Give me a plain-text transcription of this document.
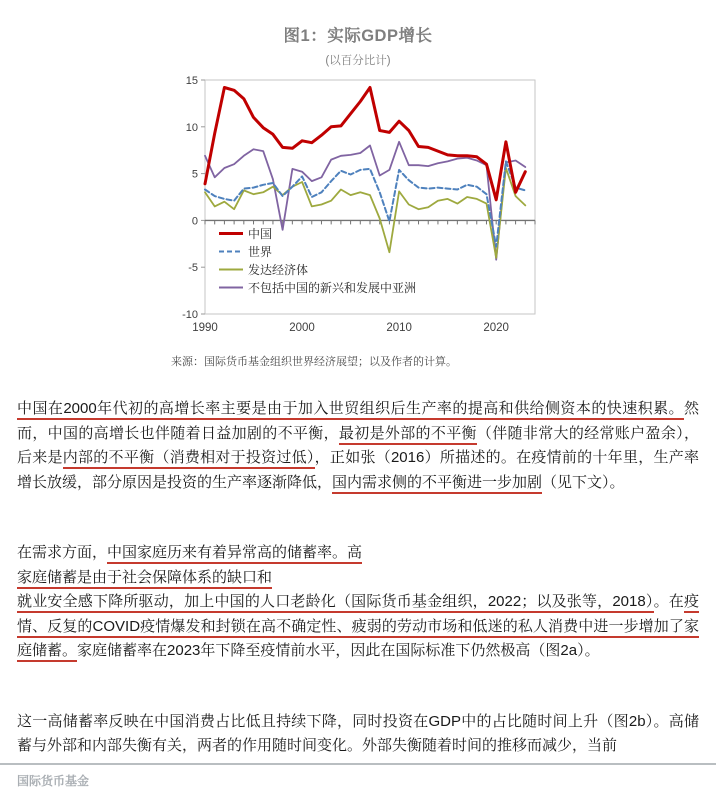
图1：实际GDP增长
(以百分比计)
15
10
5
0
-5
-10
1990	2000	2010	2020
中国
世界
发达经济体
不包括中国的新兴和发展中亚洲
来源：国际货币基金组织世界经济展望；以及作者的计算。

中国在2000年代初的高增长率主要是由于加入世贸组织后生产率的提高和供给侧资本的快速积累。然而，中国的高增长也伴随着日益加剧的不平衡，最初是外部的不平衡（伴随非常大的经常账户盈余），后来是内部的不平衡（消费相对于投资过低），正如张（2016）所描述的。在疫情前的十年里，生产率增长放缓，部分原因是投资的生产率逐渐降低，国内需求侧的不平衡进一步加剧（见下文）。

在需求方面，中国家庭历来有着异常高的储蓄率。高
家庭储蓄是由于社会保障体系的缺口和
就业安全感下降所驱动，加上中国的人口老龄化（国际货币基金组织，2022；以及张等，2018）。在疫情、反复的COVID疫情爆发和封锁在高不确定性、疲弱的劳动市场和低迷的私人消费中进一步增加了家庭储蓄。家庭储蓄率在2023年下降至疫情前水平，因此在国际标准下仍然极高（图2a）。

这一高储蓄率反映在中国消费占比低且持续下降，同时投资在GDP中的占比随时间上升（图2b）。高储蓄与外部和内部失衡有关，两者的作用随时间变化。外部失衡随着时间的推移而减少，当前

国际货币基金
